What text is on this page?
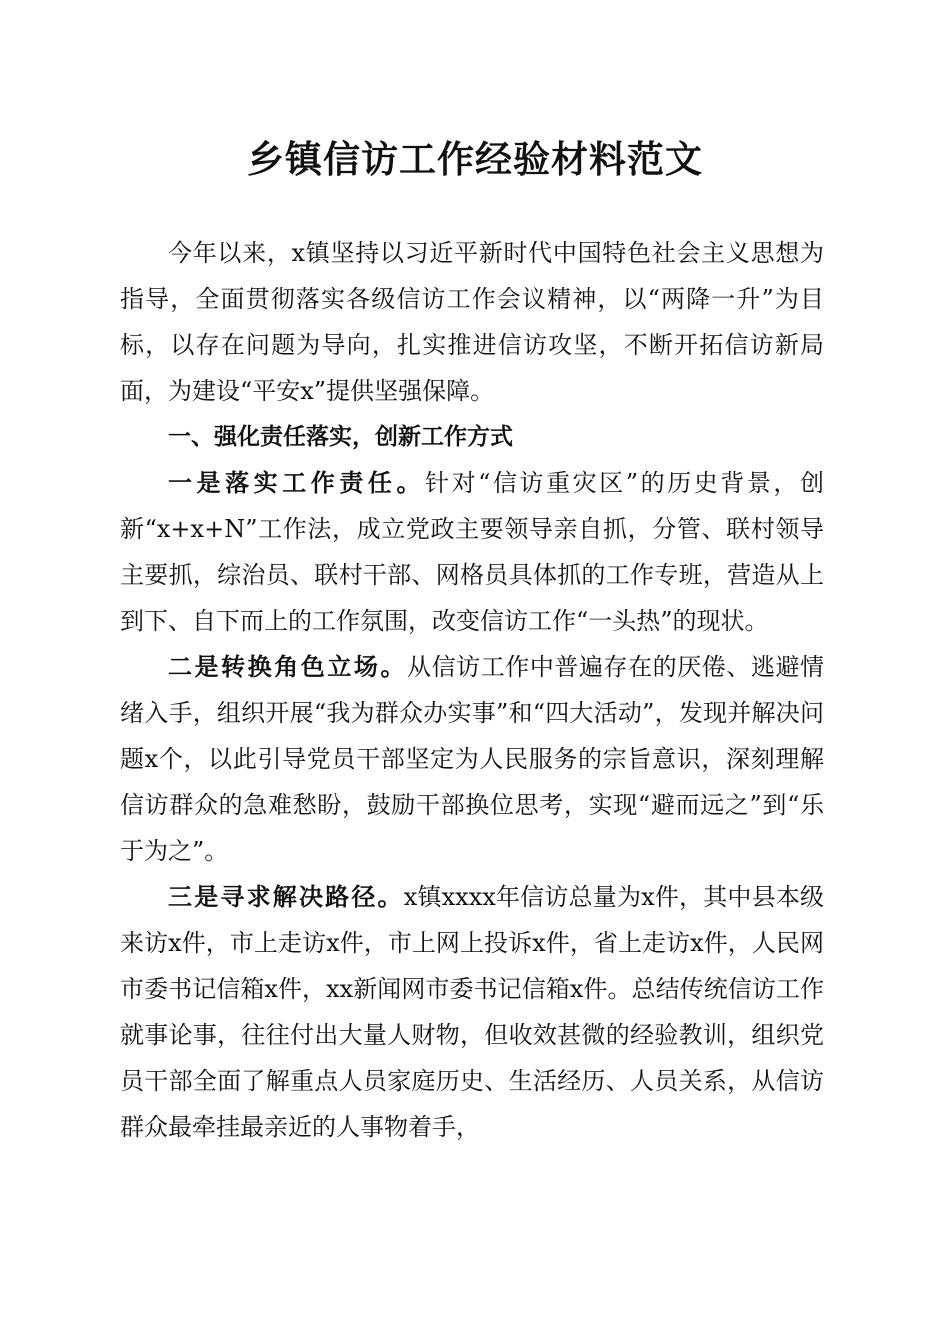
乡镇信访工作经验材料范文

今年以来，x镇坚持以习近平新时代中国特色社会主义思想为指导，全面贯彻落实各级信访工作会议精神，以“两降一升”为目标，以存在问题为导向，扎实推进信访攻坚，不断开拓信访新局面，为建设“平安x”提供坚强保障。

一、强化责任落实，创新工作方式

一是落实工作责任。针对“信访重灾区”的历史背景，创新“x+x+N”工作法，成立党政主要领导亲自抓，分管、联村领导主要抓，综治员、联村干部、网格员具体抓的工作专班，营造从上到下、自下而上的工作氛围，改变信访工作“一头热”的现状。

二是转换角色立场。从信访工作中普遍存在的厌倦、逃避情绪入手，组织开展“我为群众办实事”和“四大活动”，发现并解决问题x个，以此引导党员干部坚定为人民服务的宗旨意识，深刻理解信访群众的急难愁盼，鼓励干部换位思考，实现“避而远之”到“乐于为之”。

三是寻求解决路径。x镇xxxx年信访总量为x件，其中县本级来访x件，市上走访x件，市上网上投诉x件，省上走访x件，人民网市委书记信箱x件，xx新闻网市委书记信箱x件。总结传统信访工作就事论事，往往付出大量人财物，但收效甚微的经验教训，组织党员干部全面了解重点人员家庭历史、生活经历、人员关系，从信访群众最牵挂最亲近的人事物着手，
